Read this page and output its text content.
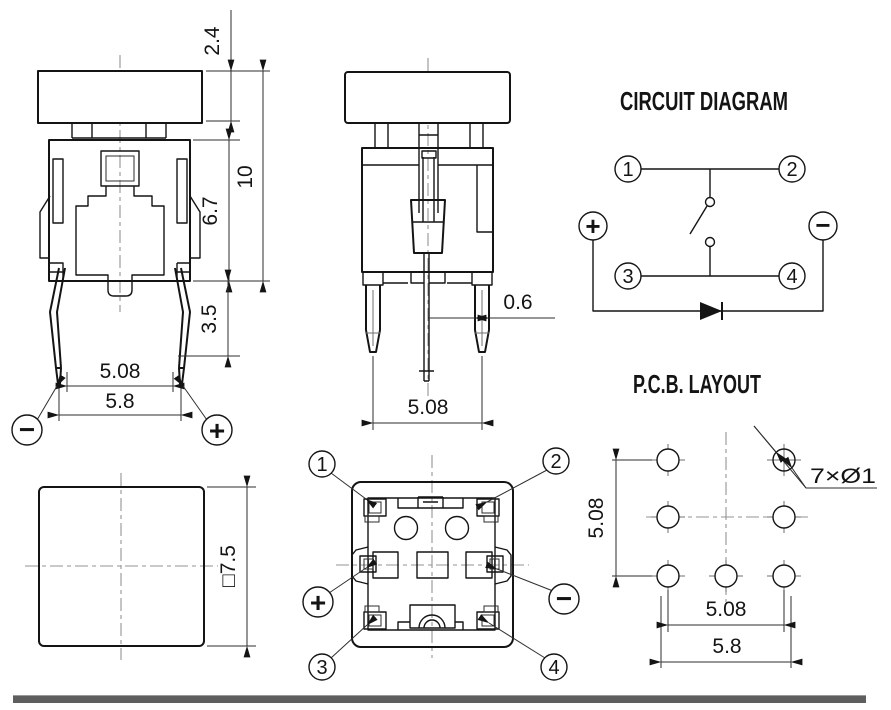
2.4
10
6.7
3.5
5.08
5.8
−	+
0.6
5.08
CIRCUIT DIAGRAM
1	2
3	4
+	−
□7.5
1	2
3	4
+	−
P.C.B. LAYOUT
7×Ø1
5.08
5.08
5.8
